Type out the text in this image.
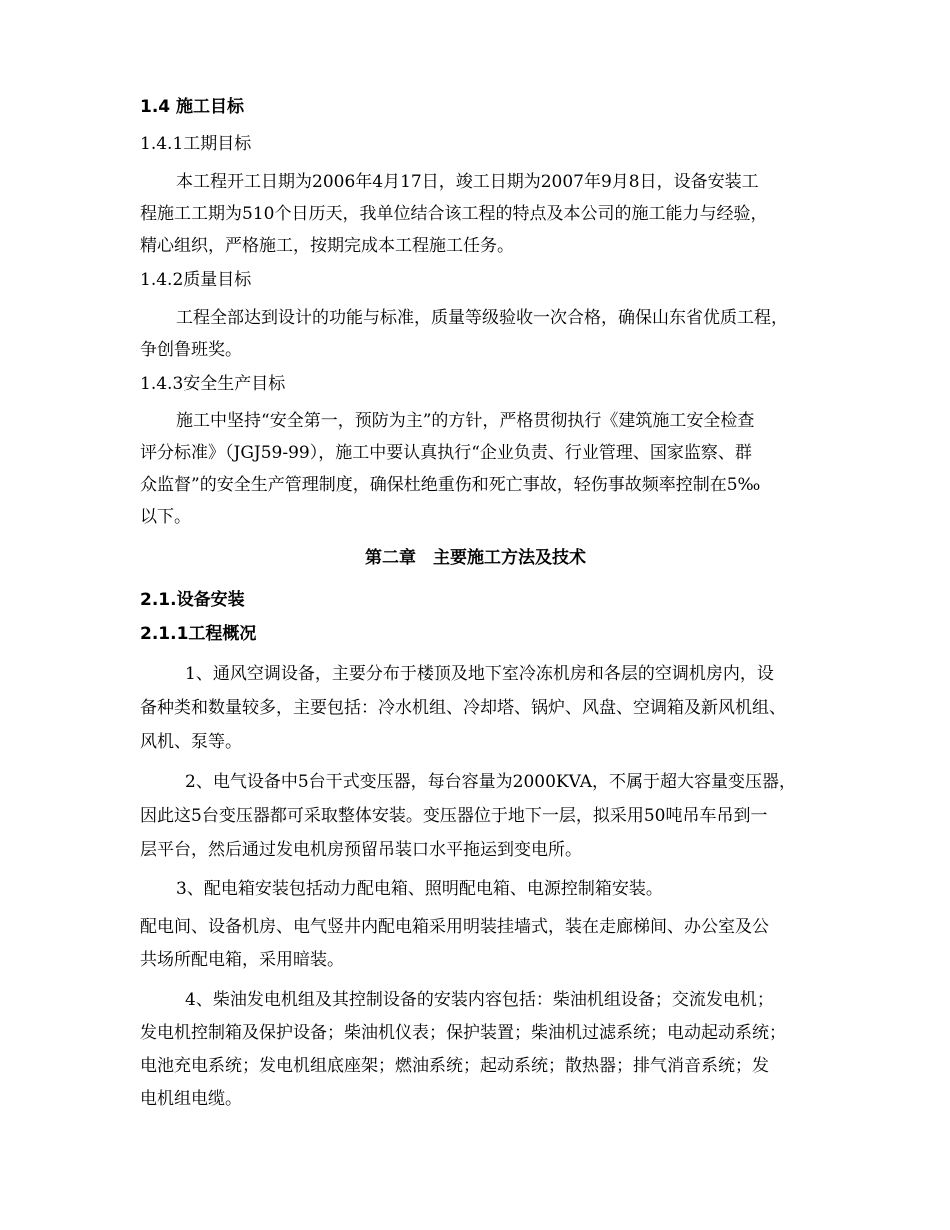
1.4 施工目标
1.4.1工期目标
本工程开工日期为2006年4月17日，竣工日期为2007年9月8日，设备安装工
程施工工期为510个日历天，我单位结合该工程的特点及本公司的施工能力与经验，
精心组织，严格施工，按期完成本工程施工任务。
1.4.2质量目标
工程全部达到设计的功能与标准，质量等级验收一次合格，确保山东省优质工程，
争创鲁班奖。
1.4.3安全生产目标
施工中坚持“安全第一，预防为主”的方针，严格贯彻执行《建筑施工安全检查
评分标准》（JGJ59-99），施工中要认真执行“企业负责、行业管理、国家监察、群
众监督”的安全生产管理制度，确保杜绝重伤和死亡事故，轻伤事故频率控制在5‰
以下。
第二章　主要施工方法及技术
2.1.设备安装
2.1.1工程概况
1、通风空调设备，主要分布于楼顶及地下室冷冻机房和各层的空调机房内，设
备种类和数量较多，主要包括：冷水机组、冷却塔、锅炉、风盘、空调箱及新风机组、
风机、泵等。
2、电气设备中5台干式变压器，每台容量为2000KVA，不属于超大容量变压器，
因此这5台变压器都可采取整体安装。变压器位于地下一层，拟采用50吨吊车吊到一
层平台，然后通过发电机房预留吊装口水平拖运到变电所。
3、配电箱安装包括动力配电箱、照明配电箱、电源控制箱安装。
配电间、设备机房、电气竖井内配电箱采用明装挂墙式，装在走廊梯间、办公室及公
共场所配电箱，采用暗装。
4、柴油发电机组及其控制设备的安装内容包括：柴油机组设备；交流发电机；
发电机控制箱及保护设备；柴油机仪表；保护装置；柴油机过滤系统；电动起动系统；
电池充电系统；发电机组底座架；燃油系统；起动系统；散热器；排气消音系统；发
电机组电缆。
